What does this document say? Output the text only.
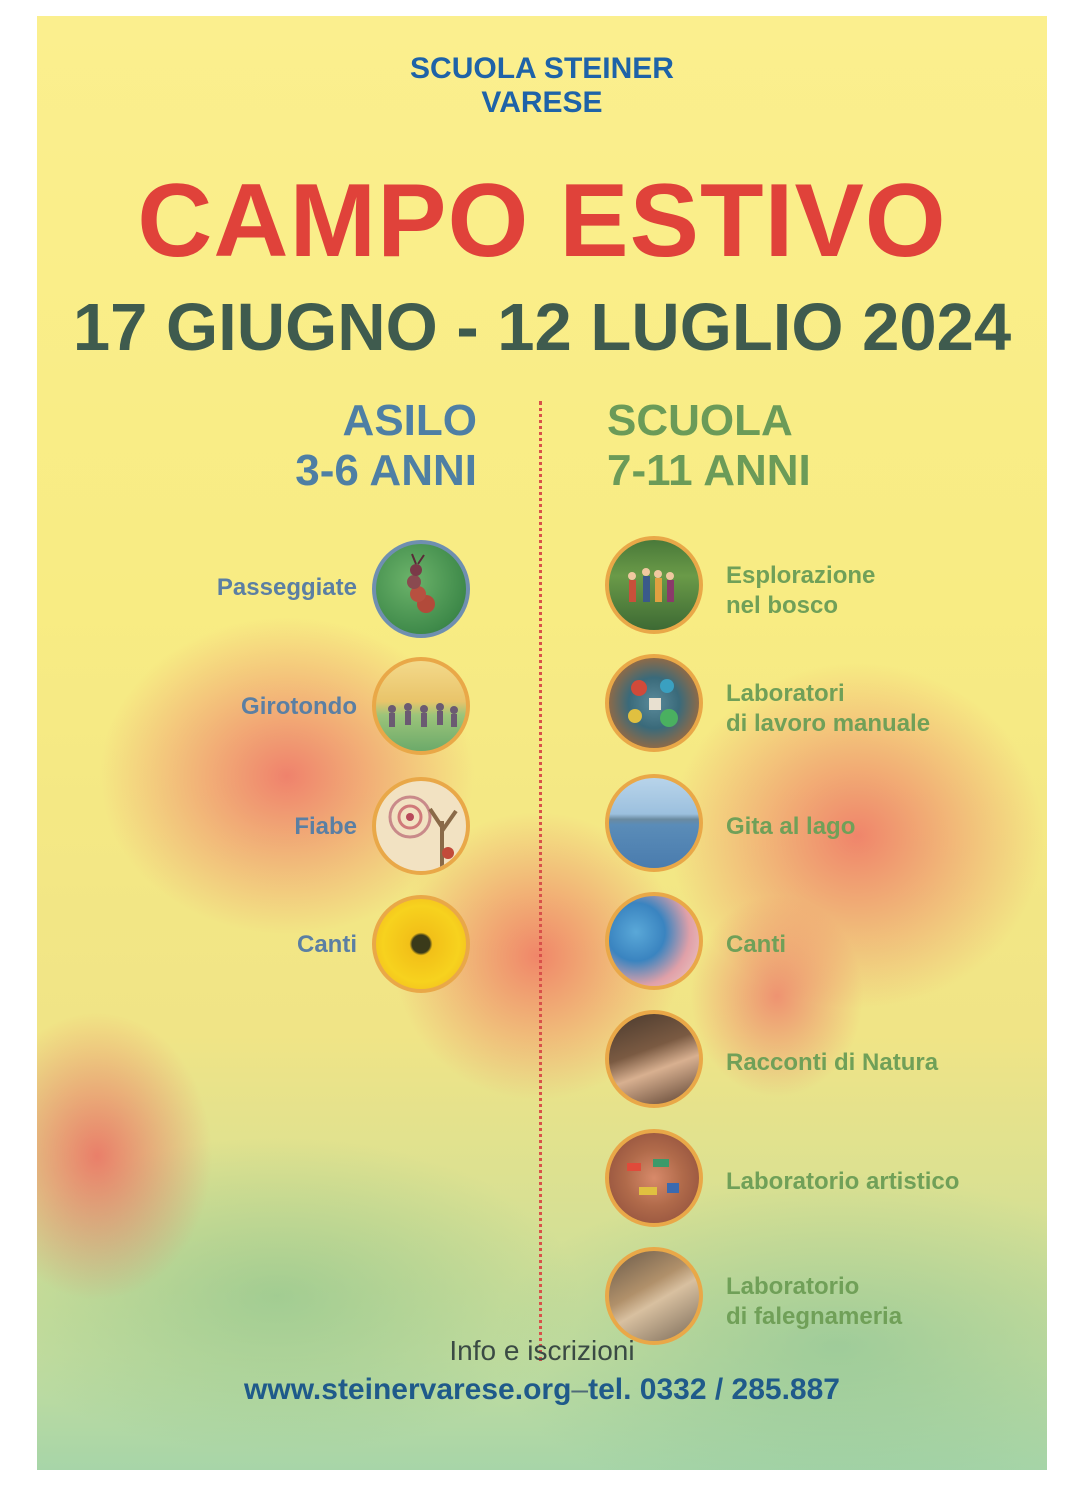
SCUOLA STEINER
VARESE
CAMPO ESTIVO
17 GIUGNO - 12 LUGLIO 2024
ASILO
3-6 ANNI
SCUOLA
7-11 ANNI
Passeggiate
Girotondo
Fiabe
Canti
Esplorazione
nel bosco
Laboratori
di lavoro manuale
Gita al lago
Canti
Racconti di Natura
Laboratorio artistico
Laboratorio
di falegnameria
Info e iscrizioni
www.steinervarese.org–tel. 0332 / 285.887
